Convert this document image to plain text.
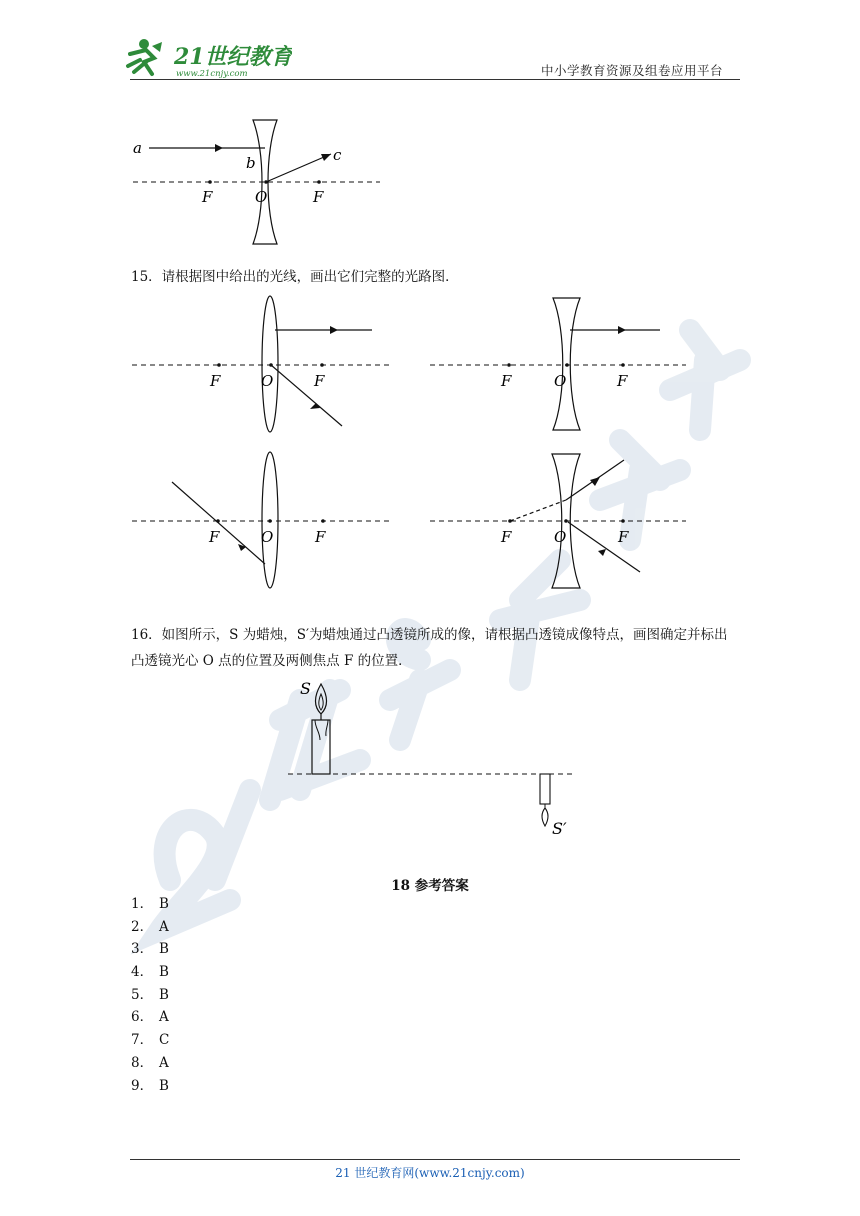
21世纪教育
www.21cnjy.com	中小学教育资源及组卷应用平台
a
b	c
F	O	F
15．请根据图中给出的光线，画出它们完整的光路图．
F	O	F	F	O	F
F	O	F	F	O	F
16．如图所示，S 为蜡烛，S′为蜡烛通过凸透镜所成的像，请根据凸透镜成像特点，画图确定并标出凸透镜光心 O 点的位置及两侧焦点 F 的位置．
S
S′
18 参考答案
1． B
2． A
3． B
4． B
5． B
6． A
7． C
8． A
9． B
21 世纪教育网(www.21cnjy.com)
